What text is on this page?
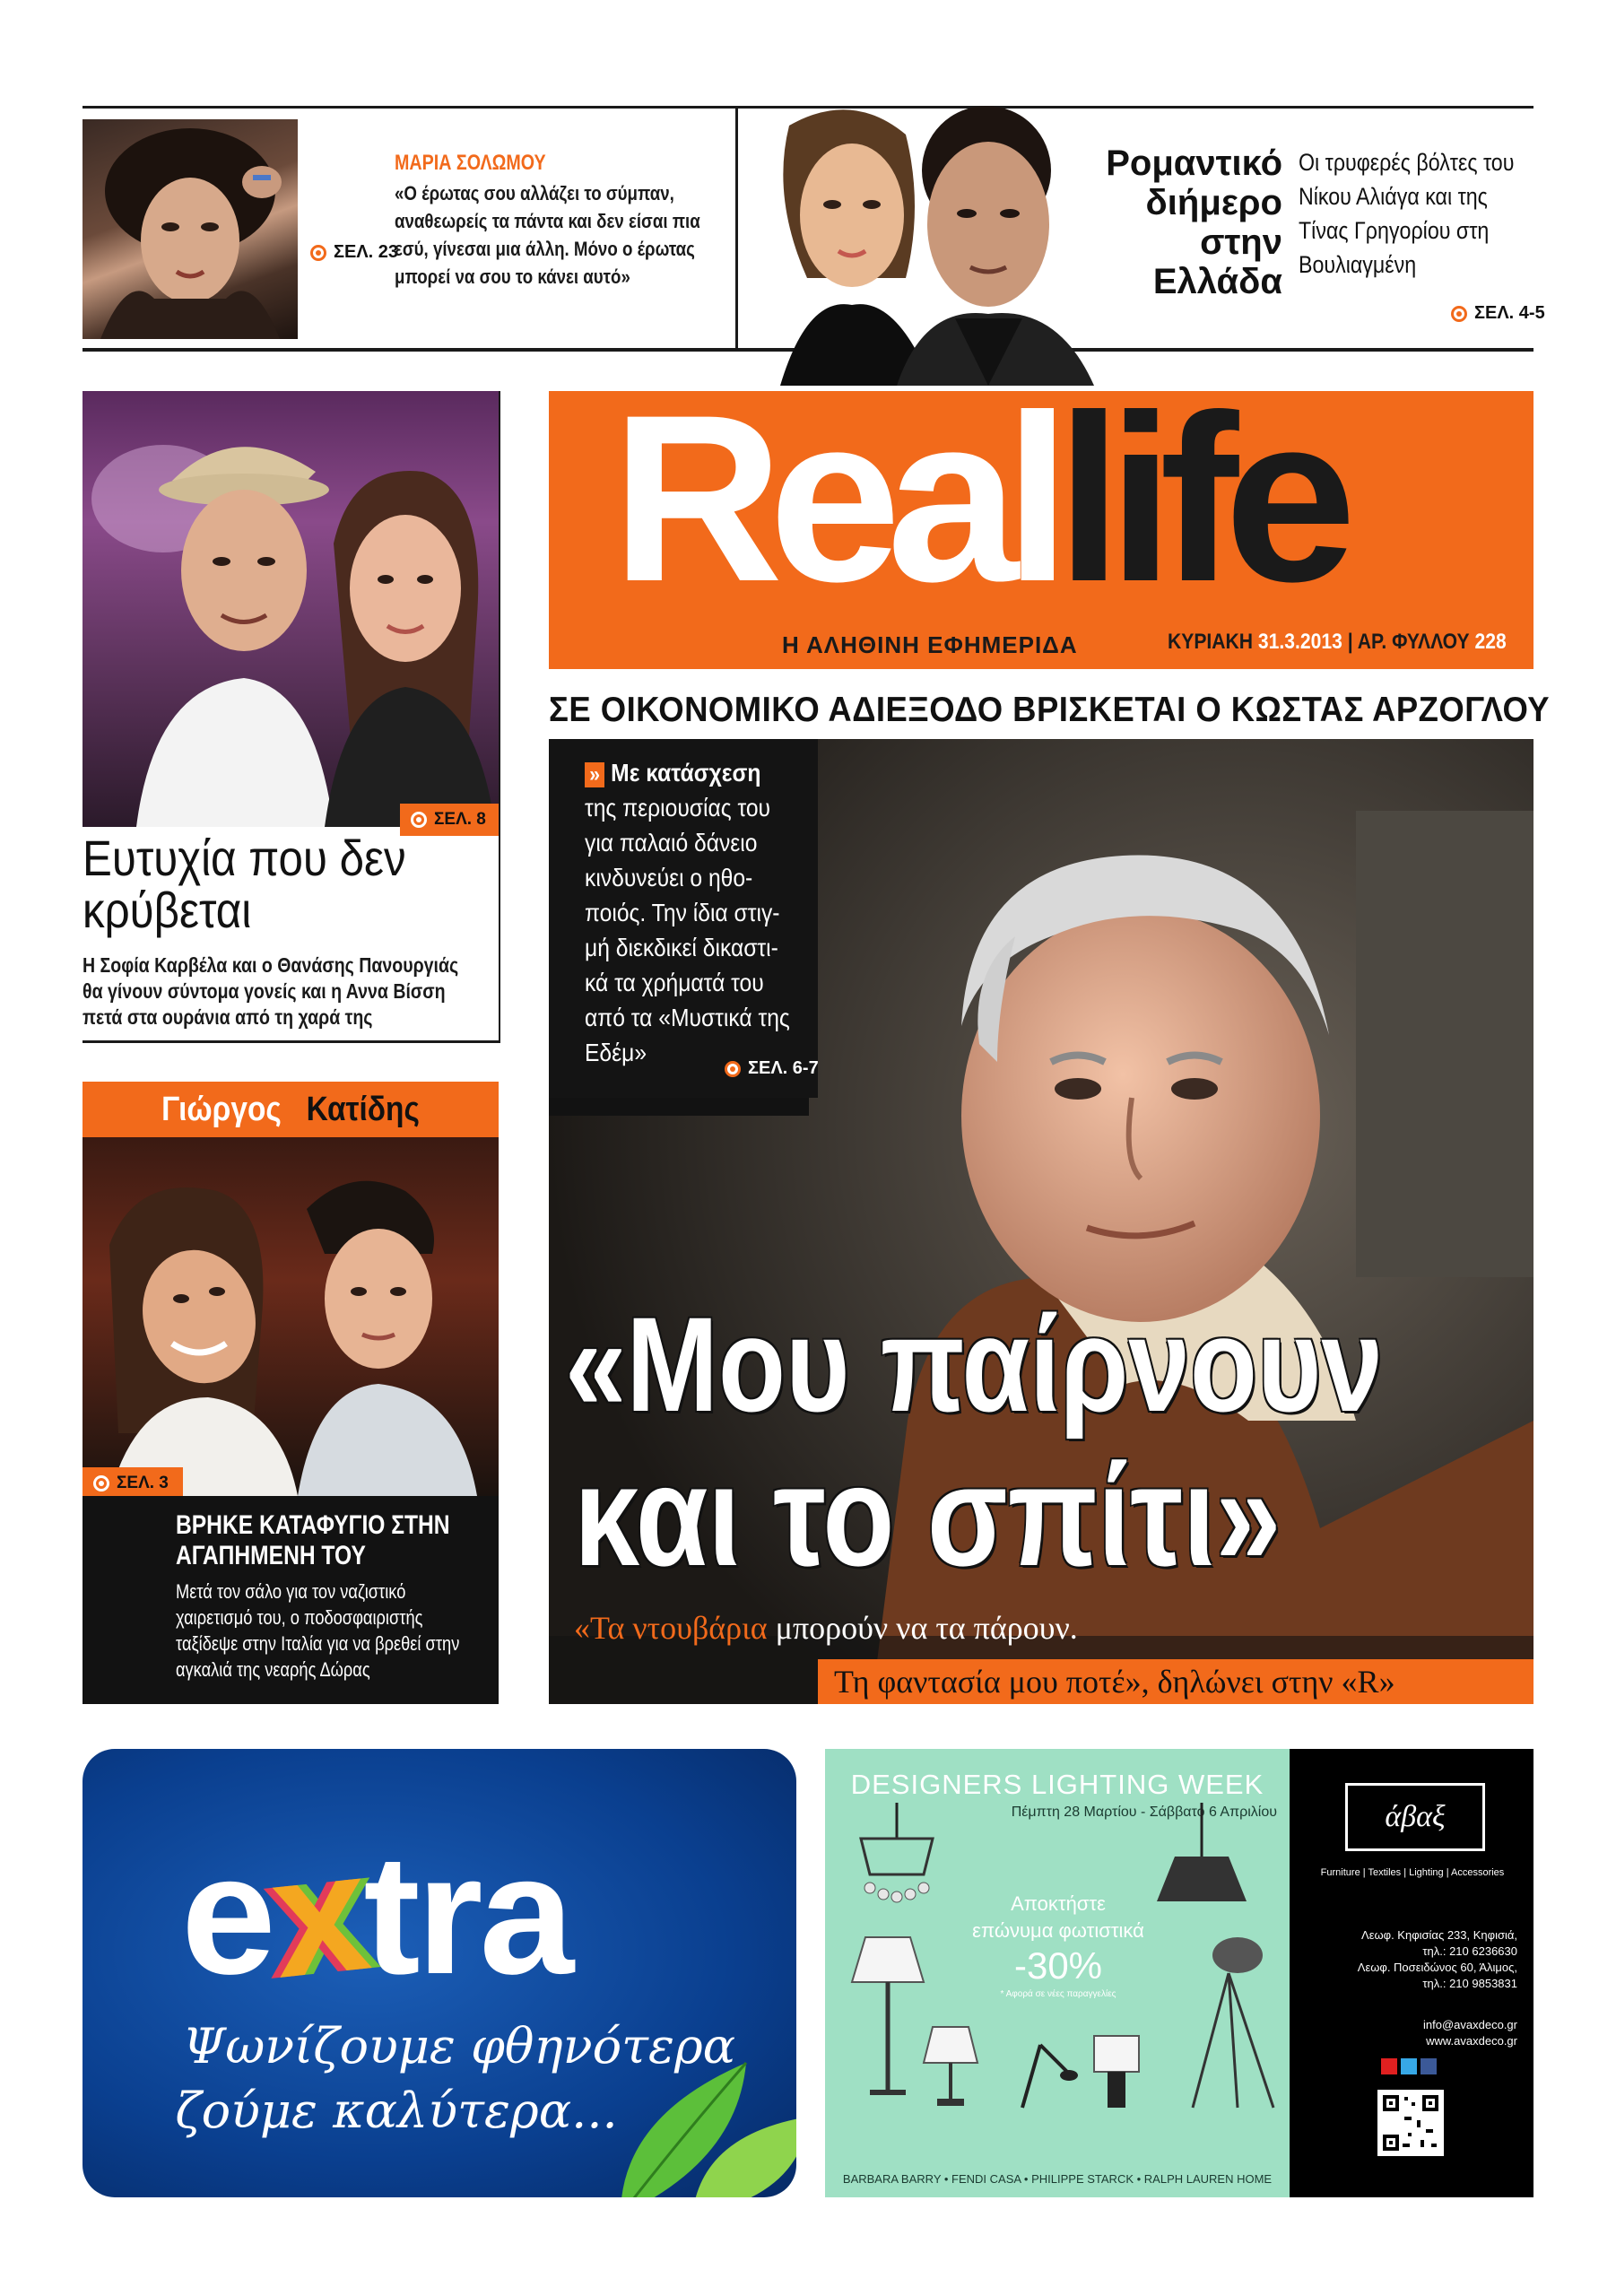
ΣΕΛ. 23
ΜΑΡΙΑ ΣΟΛΩΜΟΥ
«Ο έρωτας σου αλλάζει το σύμπαν, αναθεωρείς τα πάντα και δεν είσαι πια εσύ, γίνεσαι μια άλλη. Μόνο ο έρωτας μπορεί να σου το κάνει αυτό»
Ρομαντικό διήμερο στην Ελλάδα
Οι τρυφερές βόλτες του Νίκου Αλιάγα και της Τίνας Γρηγορίου στη Βουλιαγμένη
ΣΕΛ. 4-5
Reallife
Η ΑΛΗΘΙΝΗ ΕΦΗΜΕΡΙΔΑ	ΚΥΡΙΑΚΗ 31.3.2013 | ΑΡ. ΦΥΛΛΟΥ 228
ΣΕ ΟΙΚΟΝΟΜΙΚΟ ΑΔΙΕΞΟΔΟ ΒΡΙΣΚΕΤΑΙ Ο ΚΩΣΤΑΣ ΑΡΖΟΓΛΟΥ
» Με κατάσχεση της περιουσίας του για παλαιό δάνειο κινδυνεύει ο ηθο-ποιός. Την ίδια στιγ-μή διεκδικεί δικαστι-κά τα χρήματά του από τα «Μυστικά της Εδέμ»
ΣΕΛ. 6-7
«Μου παίρνουν
και το σπίτι»
«Τα ντουβάρια μπορούν να τα πάρουν.
Τη φαντασία μου ποτέ», δηλώνει στην «R»
ΣΕΛ. 8
Ευτυχία που δεν κρύβεται
Η Σοφία Καρβέλα και ο Θανάσης Πανουργιάς θα γίνουν σύντομα γονείς και η Αννα Βίσση πετά στα ουράνια από τη χαρά της
Γιώργος Κατίδης
ΣΕΛ. 3
ΒΡΗΚΕ ΚΑΤΑΦΥΓΙΟ ΣΤΗΝ ΑΓΑΠΗΜΕΝΗ ΤΟΥ
Μετά τον σάλο για τον ναζιστικό χαιρετισμό του, ο ποδοσφαιριστής ταξίδεψε στην Ιταλία για να βρεθεί στην αγκαλιά της νεαρής Δώρας
extra
Ψωνίζουμε φθηνότερα
ζούμε καλύτερα...
DESIGNERS LIGHTING WEEK
Πέμπτη 28 Μαρτίου - Σάββατο 6 Απριλίου
Αποκτήστε
επώνυμα φωτιστικά
-30%
* Αφορά σε νέες παραγγελίες
BARBARA BARRY • FENDI CASA • PHILIPPE STARCK • RALPH LAUREN HOME
άβαξ
Furniture | Textiles | Lighting | Accessories
Λεωφ. Κηφισίας 233, Κηφισιά,
τηλ.: 210 6236630
Λεωφ. Ποσειδώνος 60, Άλιμος,
τηλ.: 210 9853831
info@avaxdeco.gr
www.avaxdeco.gr
